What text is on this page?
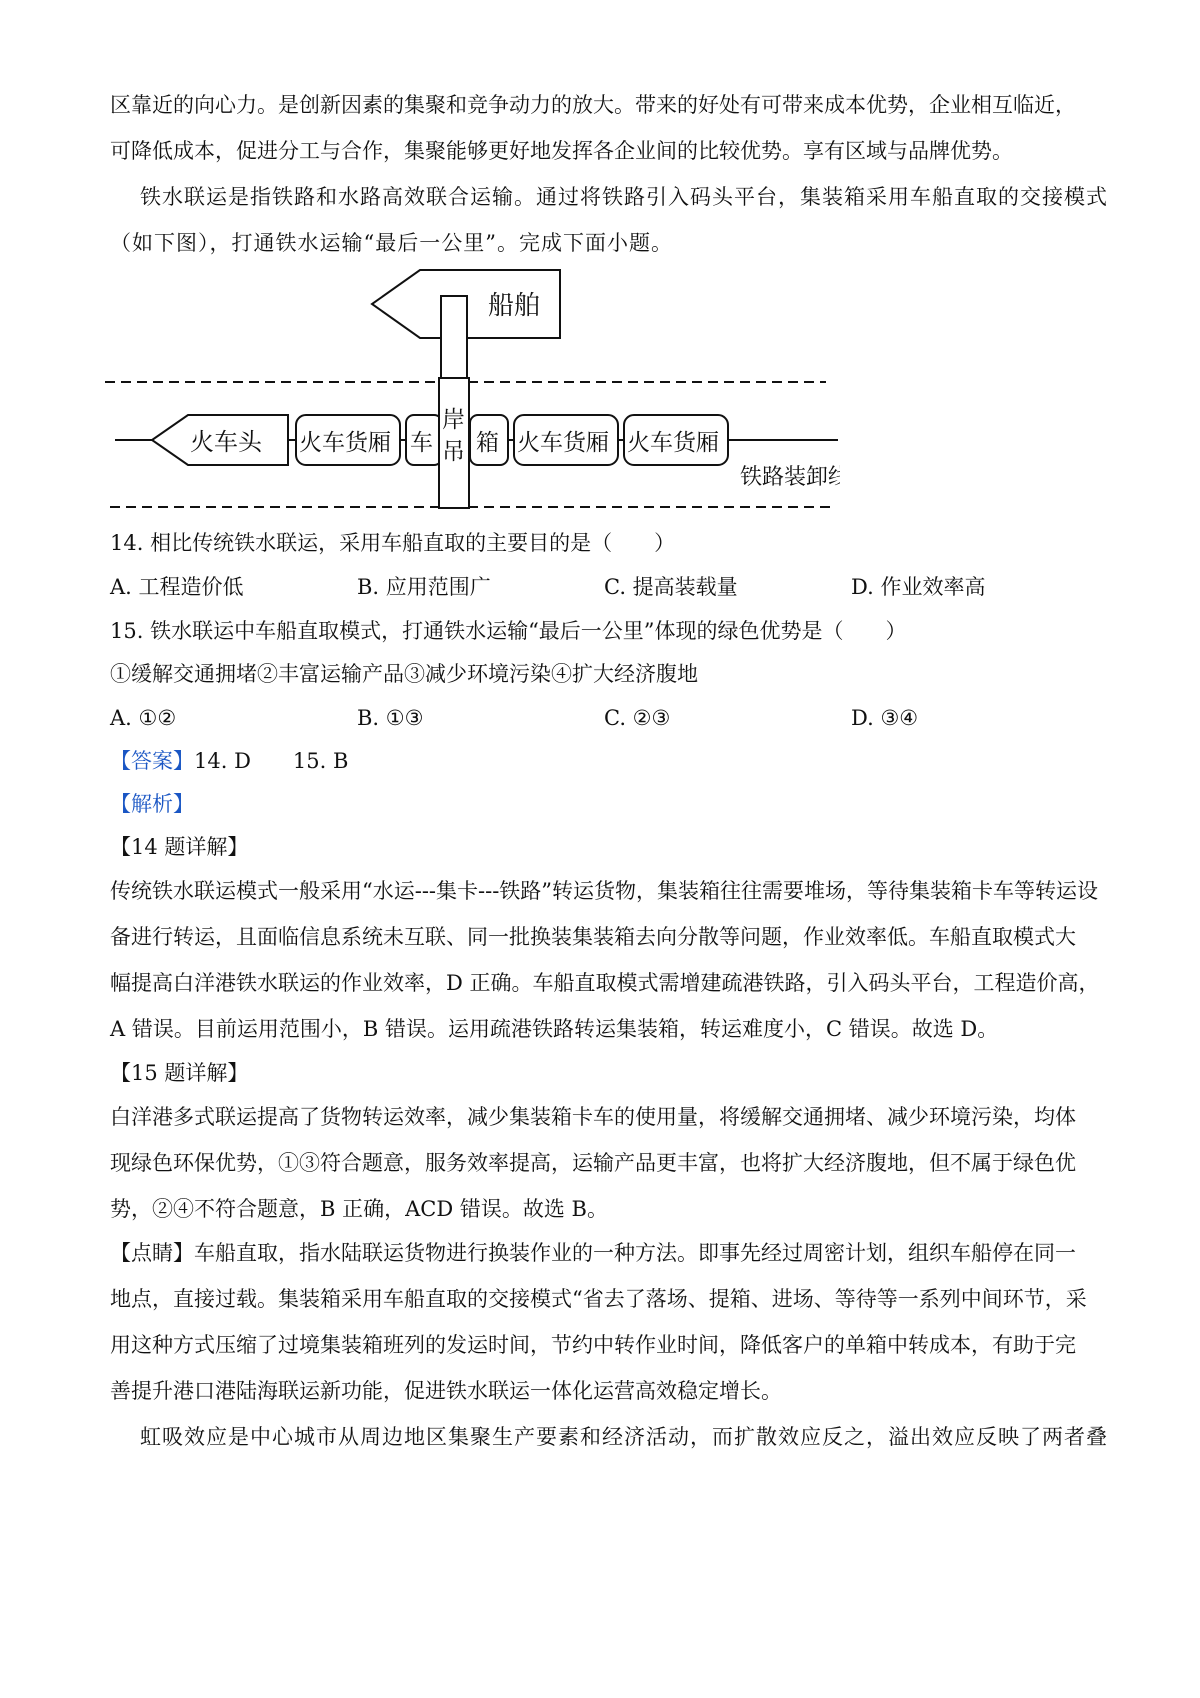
区靠近的向心力。是创新因素的集聚和竞争动力的放大。带来的好处有可带来成本优势，企业相互临近，
可降低成本，促进分工与合作，集聚能够更好地发挥各企业间的比较优势。享有区域与品牌优势。
铁水联运是指铁路和水路高效联合运输。通过将铁路引入码头平台，集装箱采用车船直取的交接模式
（如下图），打通铁水运输“最后一公里”。完成下面小题。
船舶
火车头 火车货厢 车 箱 火车货厢 火车货厢
岸
吊
铁路装卸线
14. 相比传统铁水联运，采用车船直取的主要目的是（　　）
A. 工程造价低	B. 应用范围广	C. 提高装载量	D. 作业效率高
15. 铁水联运中车船直取模式，打通铁水运输“最后一公里”体现的绿色优势是（　　）
①缓解交通拥堵②丰富运输产品③减少环境污染④扩大经济腹地
A. ①②	B. ①③	C. ②③	D. ③④
【答案】14. D　　15. B
【解析】
【14 题详解】
传统铁水联运模式一般采用“水运---集卡---铁路”转运货物，集装箱往往需要堆场，等待集装箱卡车等转运设
备进行转运，且面临信息系统未互联、同一批换装集装箱去向分散等问题，作业效率低。车船直取模式大
幅提高白洋港铁水联运的作业效率，D 正确。车船直取模式需增建疏港铁路，引入码头平台，工程造价高，
A 错误。目前运用范围小，B 错误。运用疏港铁路转运集装箱，转运难度小，C 错误。故选 D。
【15 题详解】
白洋港多式联运提高了货物转运效率，减少集装箱卡车的使用量，将缓解交通拥堵、减少环境污染，均体
现绿色环保优势，①③符合题意，服务效率提高，运输产品更丰富，也将扩大经济腹地，但不属于绿色优
势，②④不符合题意，B 正确，ACD 错误。故选 B。
【点睛】车船直取，指水陆联运货物进行换装作业的一种方法。即事先经过周密计划，组织车船停在同一
地点，直接过载。集装箱采用车船直取的交接模式“省去了落场、提箱、进场、等待等一系列中间环节，采
用这种方式压缩了过境集装箱班列的发运时间，节约中转作业时间，降低客户的单箱中转成本，有助于完
善提升港口港陆海联运新功能，促进铁水联运一体化运营高效稳定增长。
虹吸效应是中心城市从周边地区集聚生产要素和经济活动，而扩散效应反之，溢出效应反映了两者叠
